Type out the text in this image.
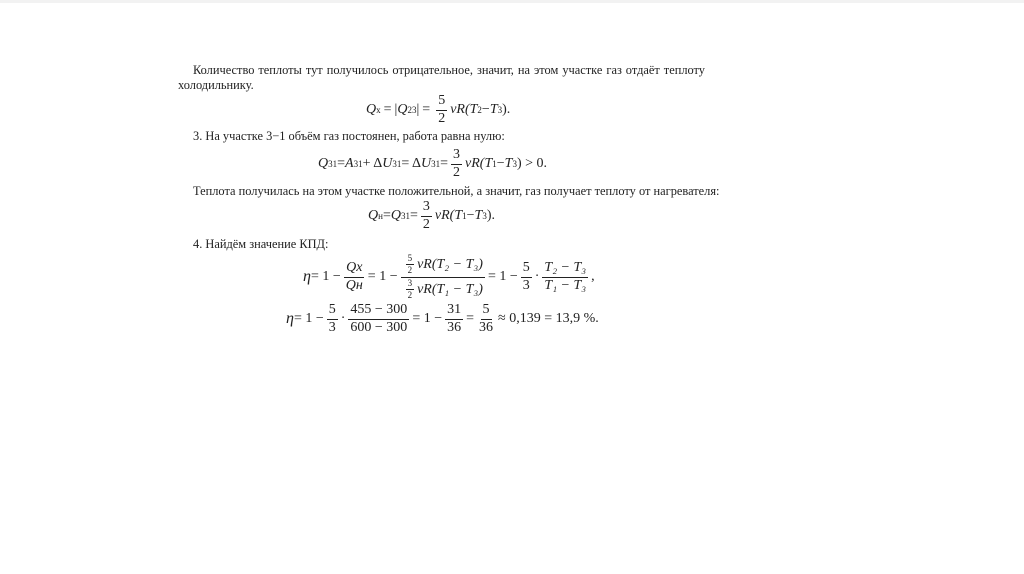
Количество теплоты тут получилось отрицательное, значит, на этом участке газ отдаёт теплоту
холодильнику.
Q х = | Q 23 | = $\frac{5}{2} \nu R$( T 2 − T 3 ).
3. На участке 3−1 объём газ постоянен, работа равна нулю:
Q 31 = A 31 + Δ U 31 = Δ U $31 = \frac{3}{2} \nu R$( T 1 − T 3 ) > 0.
Теплота получилась на этом участке положительной, а значит, газ получает теплоту от нагревателя:
Q н = Q $31 = \frac{3}{2} \nu R$( T 1 − T 3 ).
4. Найдём значение КПД:
$\eta = 1 - \frac{Qх}{Qн} = 1 - \frac{\frac{5}{2} \nu R(T_2 - T_3)}{\frac{3}{2} \nu R(T_1 - T_3)} = 1 - \frac{5}{3} \cdot \frac{\text{T₂ − T₃}}{\text{T₁ − T₃}}$ ,
$\eta = 1 - \frac{5}{3} \cdot \frac{455 - 300}{600 - 300} = 1 - \frac{31}{36} = \frac{5}{36} \approx 0,139 = 13,9$ %.
